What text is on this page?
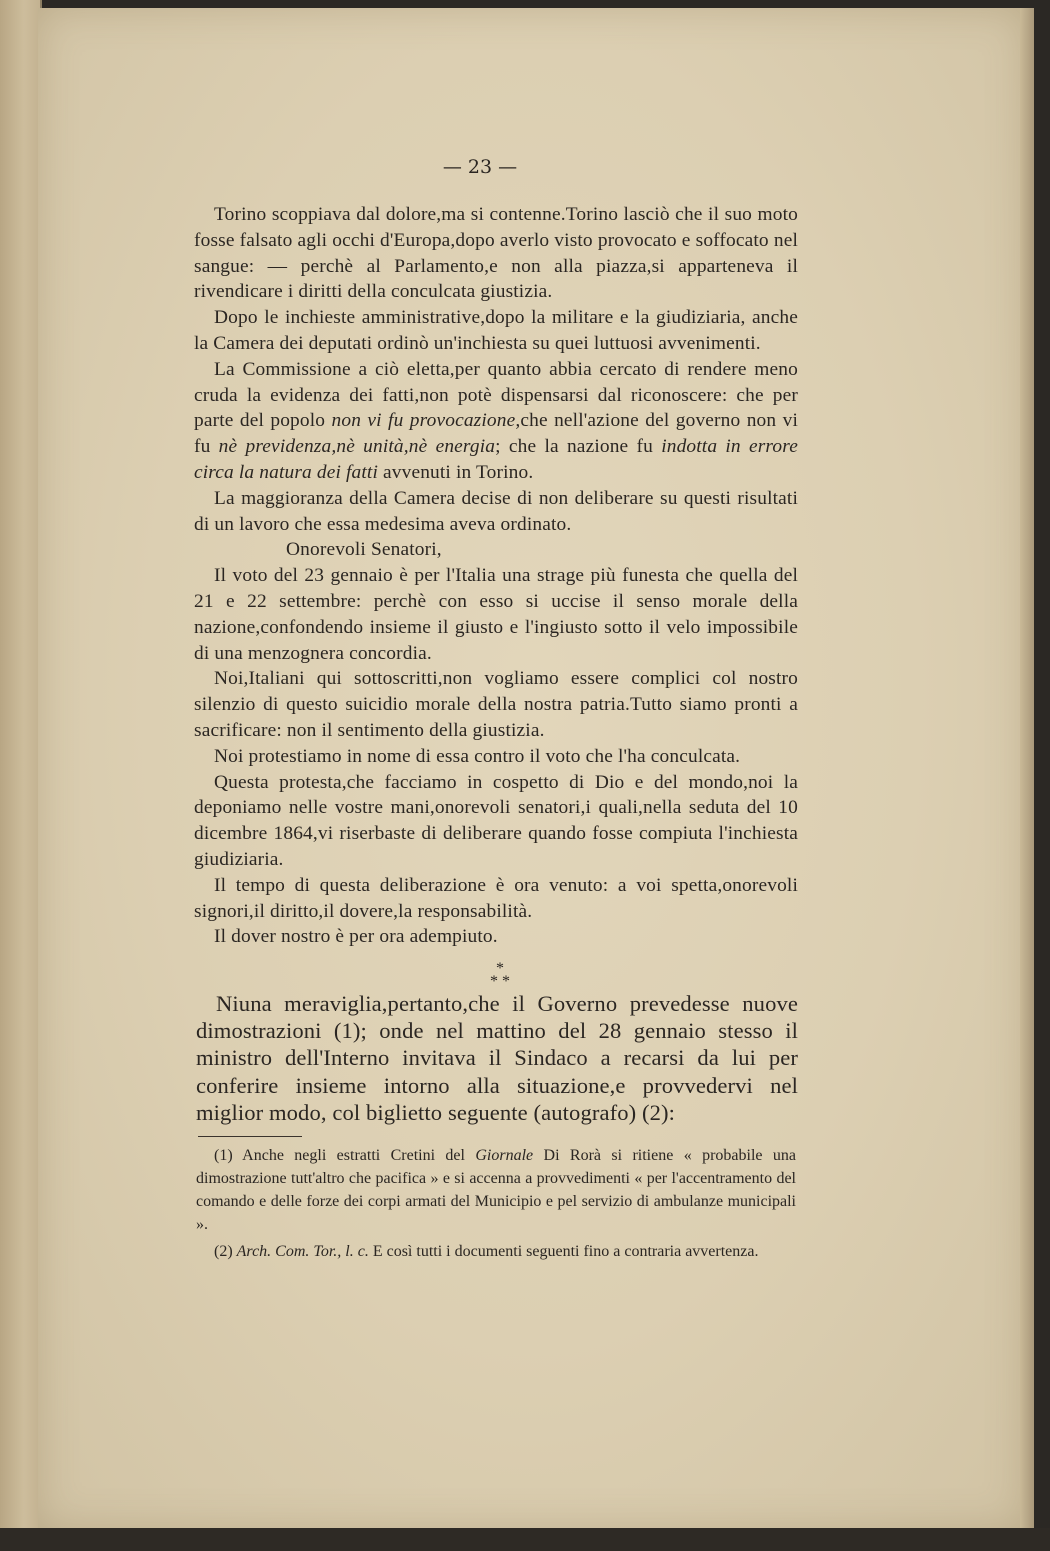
— 23 —

Torino scoppiava dal dolore,ma si contenne.Torino lasciò che il suo moto fosse falsato agli occhi d'Europa,dopo averlo visto provocato e soffocato nel sangue: — perchè al Parlamento,e non alla piazza,si apparteneva il rivendicare i diritti della conculcata giustizia.

Dopo le inchieste amministrative,dopo la militare e la giudiziaria, anche la Camera dei deputati ordinò un'inchiesta su quei luttuosi avvenimenti.

La Commissione a ciò eletta,per quanto abbia cercato di rendere meno cruda la evidenza dei fatti,non potè dispensarsi dal riconoscere: che per parte del popolo non vi fu provocazione,che nell'azione del governo non vi fu nè previdenza,nè unità,nè energia; che la nazione fu indotta in errore circa la natura dei fatti avvenuti in Torino.

La maggioranza della Camera decise di non deliberare su questi risultati di un lavoro che essa medesima aveva ordinato.

Onorevoli Senatori,

Il voto del 23 gennaio è per l'Italia una strage più funesta che quella del 21 e 22 settembre: perchè con esso si uccise il senso morale della nazione,confondendo insieme il giusto e l'ingiusto sotto il velo impossibile di una menzognera concordia.

Noi,Italiani qui sottoscritti,non vogliamo essere complici col nostro silenzio di questo suicidio morale della nostra patria.Tutto siamo pronti a sacrificare: non il sentimento della giustizia.

Noi protestiamo in nome di essa contro il voto che l'ha conculcata.

Questa protesta,che facciamo in cospetto di Dio e del mondo,noi la deponiamo nelle vostre mani,onorevoli senatori,i quali,nella seduta del 10 dicembre 1864,vi riserbaste di deliberare quando fosse compiuta l'inchiesta giudiziaria.

Il tempo di questa deliberazione è ora venuto: a voi spetta,onorevoli signori,il diritto,il dovere,la responsabilità.

Il dover nostro è per ora adempiuto.

*
* *

Niuna meraviglia,pertanto,che il Governo prevedesse nuove dimostrazioni (1); onde nel mattino del 28 gennaio stesso il ministro dell'Interno invitava il Sindaco a recarsi da lui per conferire insieme intorno alla situazione,e provvedervi nel miglior modo, col biglietto seguente (autografo) (2):

(1) Anche negli estratti Cretini del Giornale Di Rorà si ritiene « probabile una dimostrazione tutt'altro che pacifica » e si accenna a provvedimenti « per l'accentramento del comando e delle forze dei corpi armati del Municipio e pel servizio di ambulanze municipali ».

(2) Arch. Com. Tor., l. c. E così tutti i documenti seguenti fino a contraria avvertenza.
